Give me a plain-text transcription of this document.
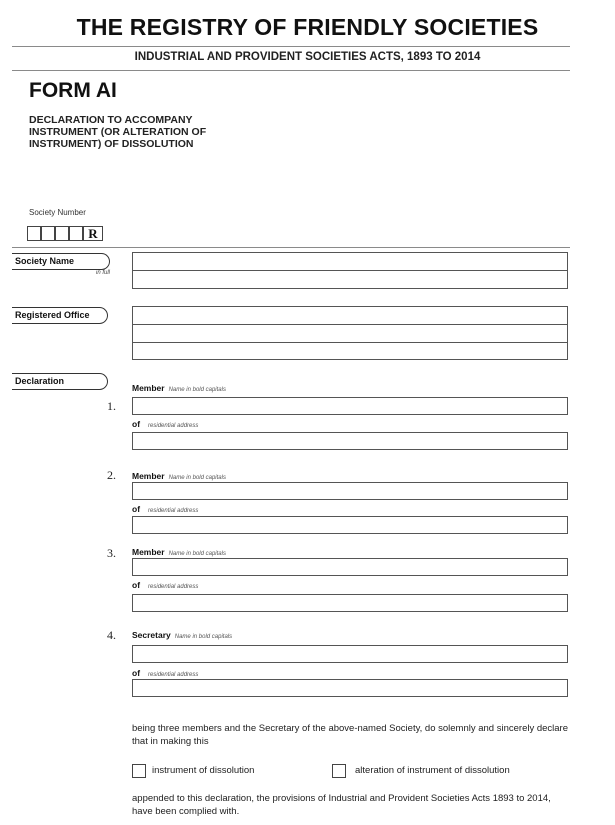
THE REGISTRY OF FRIENDLY SOCIETIES
INDUSTRIAL AND PROVIDENT SOCIETIES ACTS, 1893 TO 2014
FORM AI
DECLARATION TO ACCOMPANY
INSTRUMENT (OR ALTERATION OF
INSTRUMENT) OF DISSOLUTION
Society Number
R
Society Name
in full
Registered Office
Declaration
Member Name in bold capitals
1.
of residential address
2. Member Name in bold capitals
of residential address
3. Member Name in bold capitals
of residential address
4. Secretary Name in bold capitals
of residential address
being three members and the Secretary of the above-named Society, do solemnly and sincerely declare that in making this
instrument of dissolution	alteration of instrument of dissolution
appended to this declaration, the provisions of Industrial and Provident Societies Acts 1893 to 2014, have been complied with.
